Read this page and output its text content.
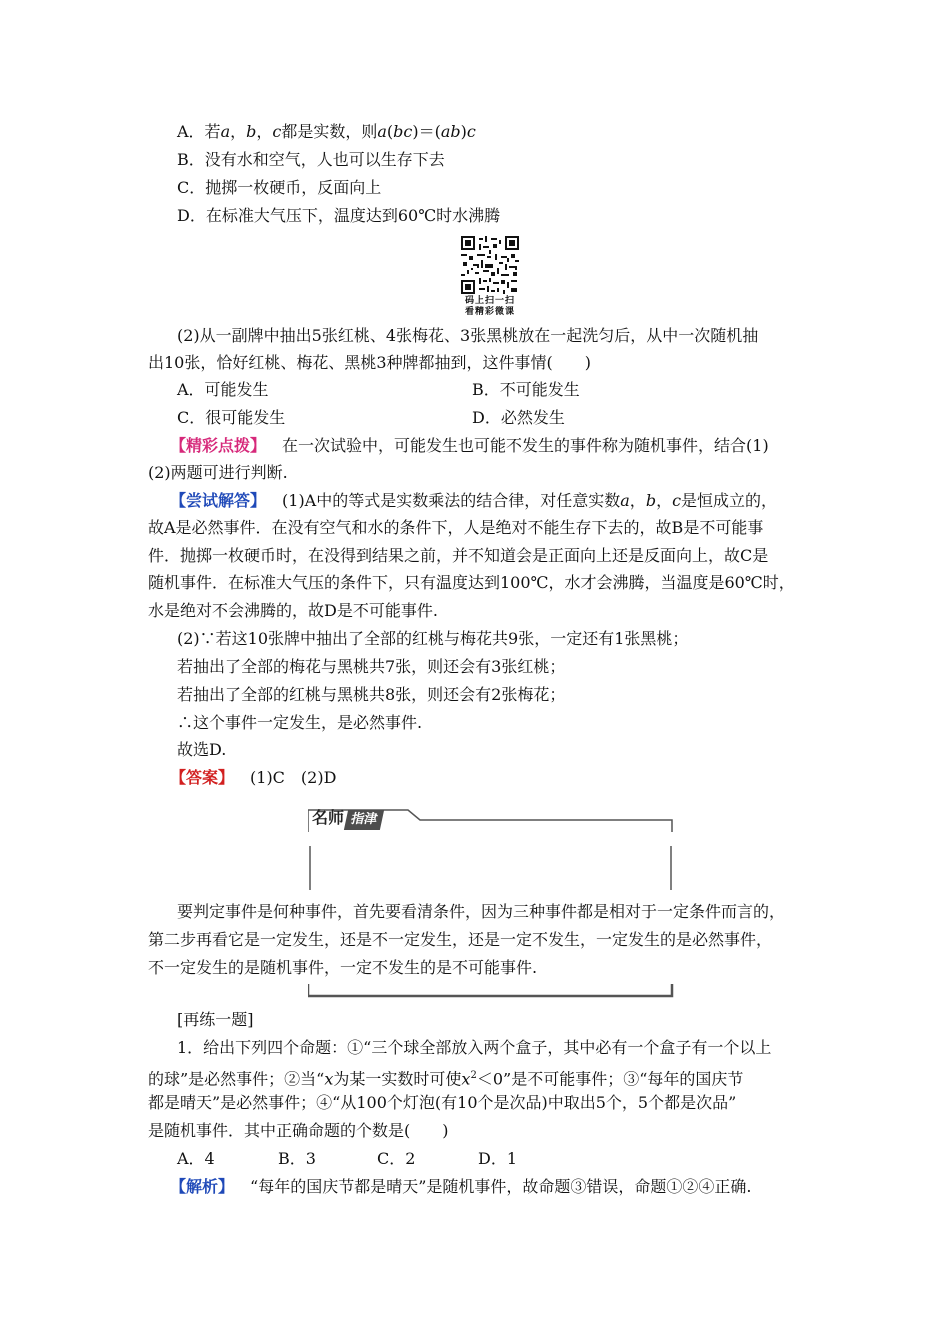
A．若a，b，c都是实数，则a(bc)＝(ab)c
B．没有水和空气，人也可以生存下去
C．抛掷一枚硬币，反面向上
D．在标准大气压下，温度达到60℃时水沸腾
码上扫一扫
看精彩微课
(2)从一副牌中抽出5张红桃、4张梅花、3张黑桃放在一起洗匀后，从中一次随机抽
出10张，恰好红桃、梅花、黑桃3种牌都抽到，这件事情(　　)
A．可能发生	B．不可能发生
C．很可能发生	D．必然发生
【精彩点拨】 在一次试验中，可能发生也可能不发生的事件称为随机事件，结合(1)
(2)两题可进行判断.
【尝试解答】 (1)A中的等式是实数乘法的结合律，对任意实数a，b，c是恒成立的，
故A是必然事件．在没有空气和水的条件下，人是绝对不能生存下去的，故B是不可能事
件．抛掷一枚硬币时，在没得到结果之前，并不知道会是正面向上还是反面向上，故C是
随机事件．在标准大气压的条件下，只有温度达到100℃，水才会沸腾，当温度是60℃时，
水是绝对不会沸腾的，故D是不可能事件.
(2)∵若这10张牌中抽出了全部的红桃与梅花共9张，一定还有1张黑桃；
若抽出了全部的梅花与黑桃共7张，则还会有3张红桃；
若抽出了全部的红桃与黑桃共8张，则还会有2张梅花；
∴这个事件一定发生，是必然事件.
故选D.
【答案】 (1)C　(2)D
名师 指津
要判定事件是何种事件，首先要看清条件，因为三种事件都是相对于一定条件而言的，
第二步再看它是一定发生，还是不一定发生，还是一定不发生，一定发生的是必然事件，
不一定发生的是随机事件，一定不发生的是不可能事件.
[再练一题]
1．给出下列四个命题：①“三个球全部放入两个盒子，其中必有一个盒子有一个以上
的球”是必然事件；②当“x为某一实数时可使$x^2<0$”是不可能事件；③“每年的国庆节
都是晴天”是必然事件；④“从100个灯泡(有10个是次品)中取出5个，5个都是次品”
是随机事件．其中正确命题的个数是(　　)
A．4	B．3	C．2	D．1
【解析】 “每年的国庆节都是晴天”是随机事件，故命题③错误，命题①②④正确.
